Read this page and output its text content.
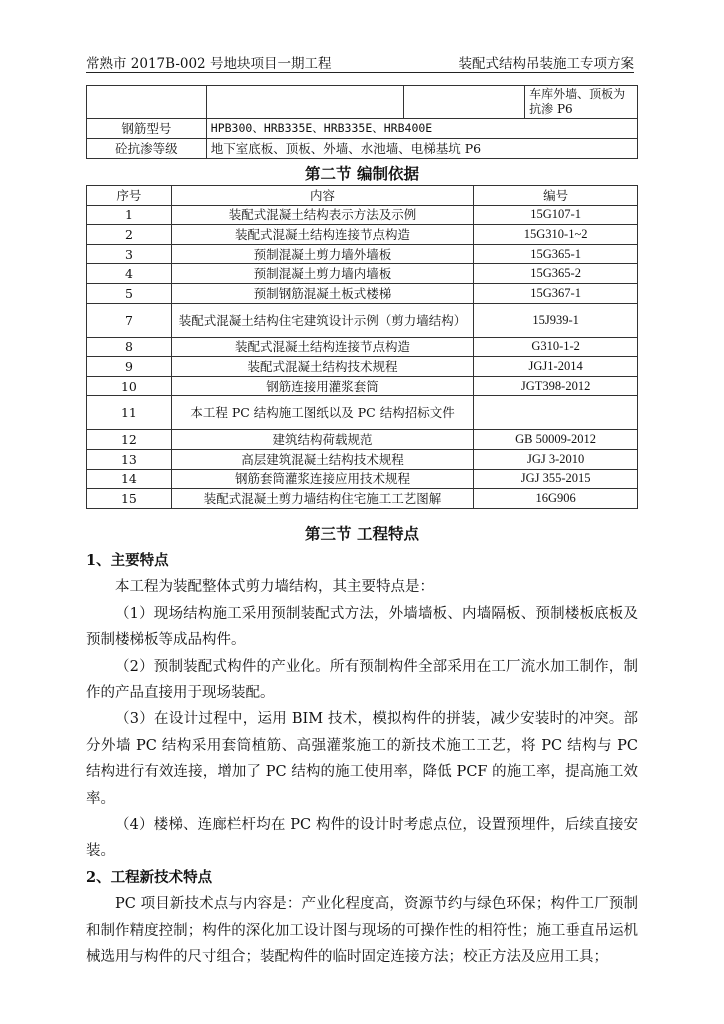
常熟市 2017B-002 号地块项目一期工程	装配式结构吊装施工专项方案
			车库外墙、顶板为抗渗 P6
钢筋型号	HPB300、HRB335E、HRB335E、HRB400E		
砼抗渗等级	地下室底板、顶板、外墙、水池墙、电梯基坑 P6		
第二节 编制依据
序号	内容	编号
1	装配式混凝土结构表示方法及示例	15G107-1
2	装配式混凝土结构连接节点构造	15G310-1~2
3	预制混凝土剪力墙外墙板	15G365-1
4	预制混凝土剪力墙内墙板	15G365-2
5	预制钢筋混凝土板式楼梯	15G367-1
7	装配式混凝土结构住宅建筑设计示例（剪力墙结构）	15J939-1
8	装配式混凝土结构连接节点构造	G310-1-2
9	装配式混凝土结构技术规程	JGJ1-2014
10	钢筋连接用灌浆套筒	JGT398-2012
11	本工程 PC 结构施工图纸以及 PC 结构招标文件	
12	建筑结构荷载规范	GB 50009-2012
13	高层建筑混凝土结构技术规程	JGJ 3-2010
14	钢筋套筒灌浆连接应用技术规程	JGJ 355-2015
15	装配式混凝土剪力墙结构住宅施工工艺图解	16G906
第三节 工程特点

1、主要特点

本工程为装配整体式剪力墙结构，其主要特点是：

（1）现场结构施工采用预制装配式方法，外墙墙板、内墙隔板、预制楼板底板及预制楼梯板等成品构件。

（2）预制装配式构件的产业化。所有预制构件全部采用在工厂流水加工制作，制作的产品直接用于现场装配。

（3）在设计过程中，运用 BIM 技术，模拟构件的拼装，减少安装时的冲突。部分外墙 PC 结构采用套筒植筋、高强灌浆施工的新技术施工工艺，将 PC 结构与 PC 结构进行有效连接，增加了 PC 结构的施工使用率，降低 PCF 的施工率，提高施工效率。

（4）楼梯、连廊栏杆均在 PC 构件的设计时考虑点位，设置预埋件，后续直接安装。

2、工程新技术特点

PC 项目新技术点与内容是：产业化程度高，资源节约与绿色环保；构件工厂预制和制作精度控制；构件的深化加工设计图与现场的可操作性的相符性；施工垂直吊运机械选用与构件的尺寸组合；装配构件的临时固定连接方法；校正方法及应用工具；
